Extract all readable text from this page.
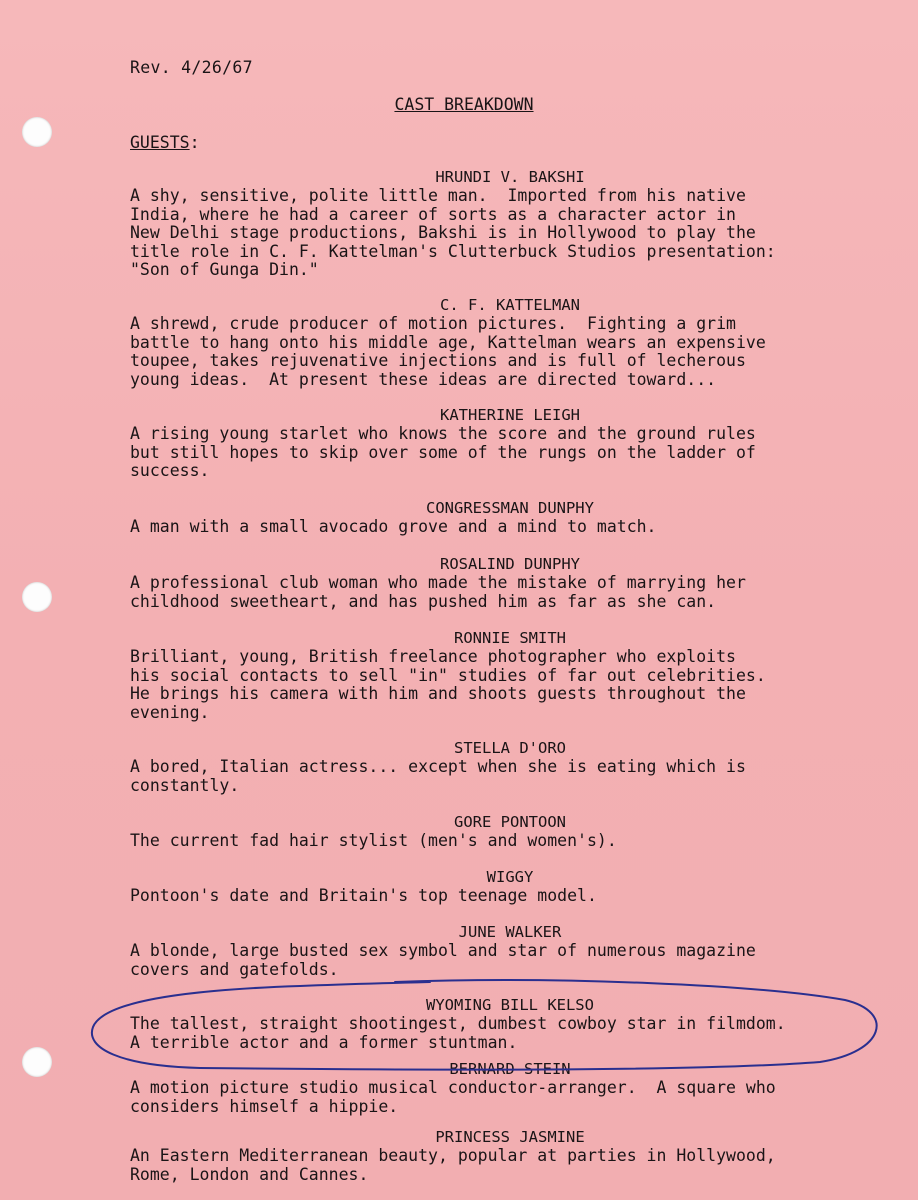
Rev. 4/26/67
CAST BREAKDOWN
GUESTS:
HRUNDI V. BAKSHI
A shy, sensitive, polite little man.  Imported from his native
India, where he had a career of sorts as a character actor in
New Delhi stage productions, Bakshi is in Hollywood to play the
title role in C. F. Kattelman's Clutterbuck Studios presentation:
"Son of Gunga Din."
C. F. KATTELMAN
A shrewd, crude producer of motion pictures.  Fighting a grim
battle to hang onto his middle age, Kattelman wears an expensive
toupee, takes rejuvenative injections and is full of lecherous
young ideas.  At present these ideas are directed toward...
KATHERINE LEIGH
A rising young starlet who knows the score and the ground rules
but still hopes to skip over some of the rungs on the ladder of
success.
CONGRESSMAN DUNPHY
A man with a small avocado grove and a mind to match.
ROSALIND DUNPHY
A professional club woman who made the mistake of marrying her
childhood sweetheart, and has pushed him as far as she can.
RONNIE SMITH
Brilliant, young, British freelance photographer who exploits
his social contacts to sell "in" studies of far out celebrities.
He brings his camera with him and shoots guests throughout the
evening.
STELLA D'ORO
A bored, Italian actress... except when she is eating which is
constantly.
GORE PONTOON
The current fad hair stylist (men's and women's).
WIGGY
Pontoon's date and Britain's top teenage model.
JUNE WALKER
A blonde, large busted sex symbol and star of numerous magazine
covers and gatefolds.
WYOMING BILL KELSO
The tallest, straight shootingest, dumbest cowboy star in filmdom.
A terrible actor and a former stuntman.
BERNARD STEIN
A motion picture studio musical conductor-arranger.  A square who
considers himself a hippie.
PRINCESS JASMINE
An Eastern Mediterranean beauty, popular at parties in Hollywood,
Rome, London and Cannes.
